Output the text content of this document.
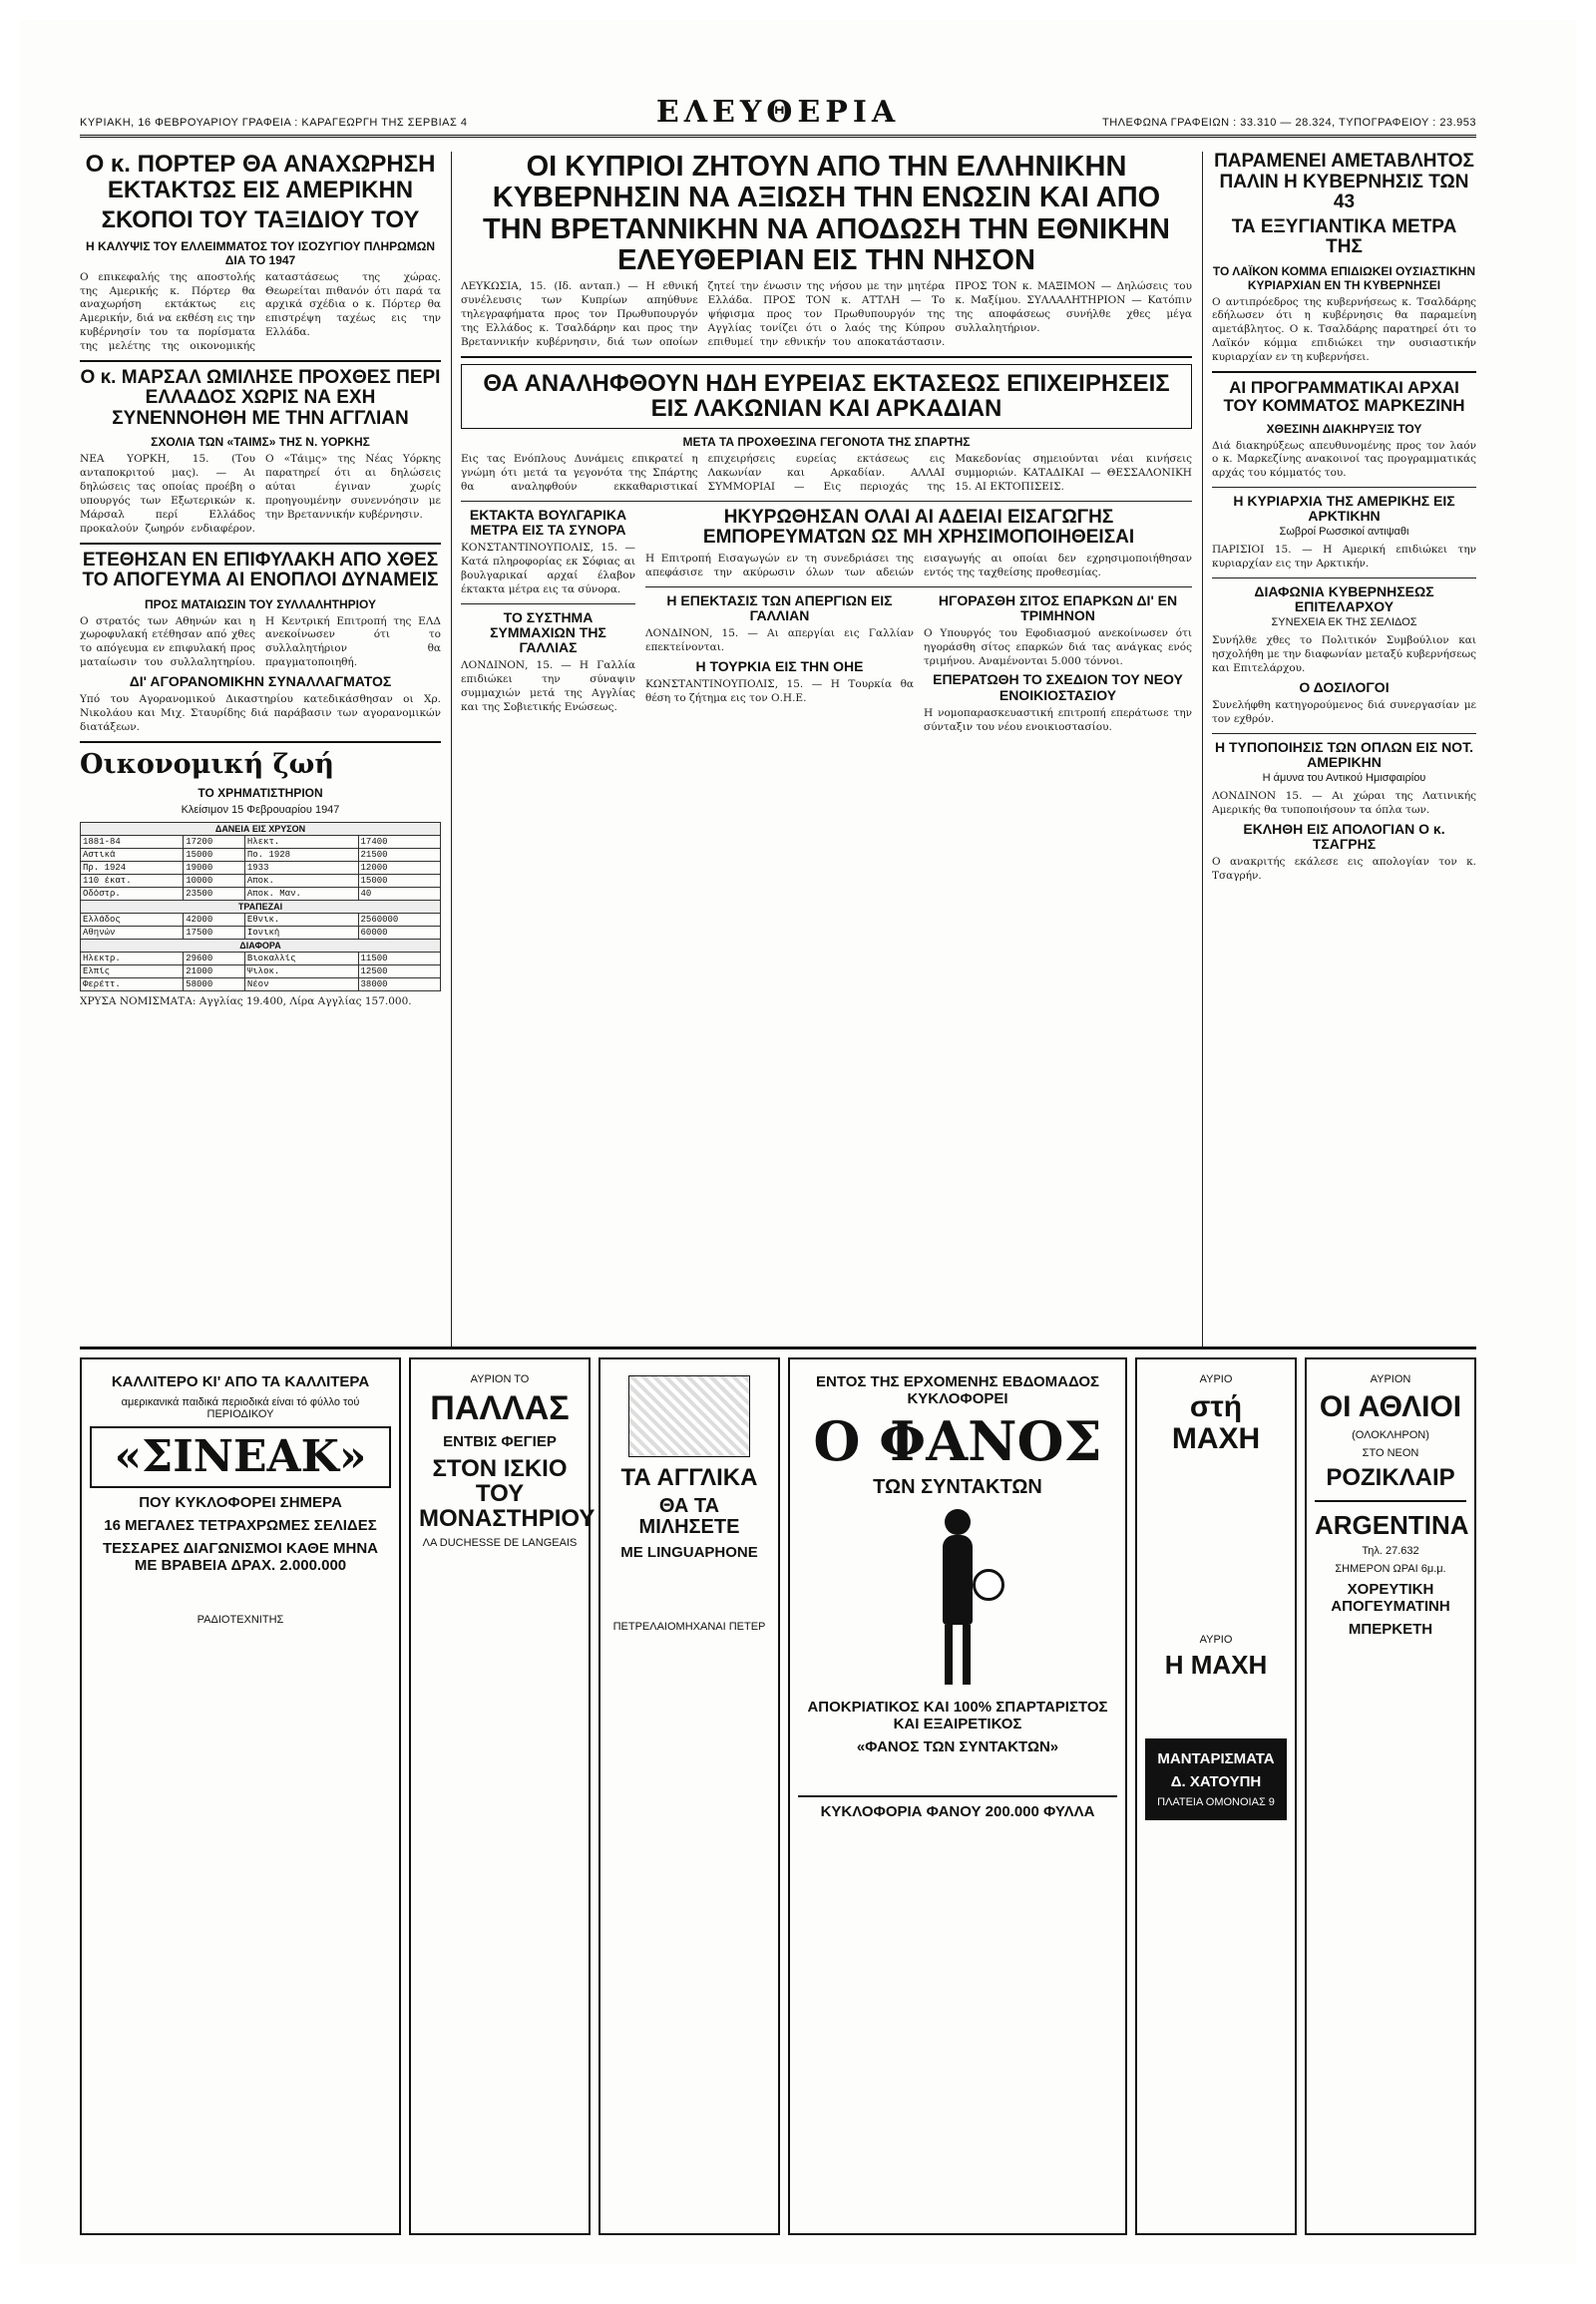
ΚΥΡΙΑΚΗ, 16 ΦΕΒΡΟΥΑΡΙΟΥ ΓΡΑΦΕΙΑ : ΚΑΡΑΓΕΩΡΓΗ ΤΗΣ ΣΕΡΒΙΑΣ 4	ΕΛΕΥΘΕΡΙΑ	ΤΗΛΕΦΩΝΑ ΓΡΑΦΕΙΩΝ : 33.310 — 28.324, ΤΥΠΟΓΡΑΦΕΙΟΥ : 23.953
Ο κ. ΠΟΡΤΕΡ ΘΑ ΑΝΑΧΩΡΗΣΗ ΕΚΤΑΚΤΩΣ ΕΙΣ ΑΜΕΡΙΚΗΝ
ΣΚΟΠΟΙ ΤΟΥ ΤΑΞΙΔΙΟΥ ΤΟΥ
Η ΚΑΛΥΨΙΣ ΤΟΥ ΕΛΛΕΙΜΜΑΤΟΣ ΤΟΥ ΙΣΟΖΥΓΙΟΥ ΠΛΗΡΩΜΩΝ ΔΙΑ ΤΟ 1947

Ο επικεφαλής της αποστολής της Αμερικής κ. Πόρτερ θα αναχωρήση εκτάκτως εις Αμερικήν, διά να εκθέση εις την κυβέρνησίν του τα πορίσματα της μελέτης της οικονομικής καταστάσεως της χώρας. Θεωρείται πιθανόν ότι παρά τα αρχικά σχέδια ο κ. Πόρτερ θα επιστρέψη ταχέως εις την Ελλάδα.

Ο κ. ΜΑΡΣΑΛ ΩΜΙΛΗΣΕ ΠΡΟΧΘΕΣ ΠΕΡΙ ΕΛΛΑΔΟΣ ΧΩΡΙΣ ΝΑ ΕΧΗ ΣΥΝΕΝΝΟΗΘΗ ΜΕ ΤΗΝ ΑΓΓΛΙΑΝ
ΣΧΟΛΙΑ ΤΩΝ «ΤΑΙΜΣ» ΤΗΣ Ν. ΥΟΡΚΗΣ

ΝΕΑ ΥΟΡΚΗ, 15. (Του ανταποκριτού μας). — Αι δηλώσεις τας οποίας προέβη ο υπουργός των Εξωτερικών κ. Μάρσαλ περί Ελλάδος προκαλούν ζωηρόν ενδιαφέρον. Ο «Τάιμς» της Νέας Υόρκης παρατηρεί ότι αι δηλώσεις αύται έγιναν χωρίς προηγουμένην συνεννόησιν με την Βρεταννικήν κυβέρνησιν.

ΕΤΕΘΗΣΑΝ ΕΝ ΕΠΙΦΥΛΑΚΗ ΑΠΟ ΧΘΕΣ ΤΟ ΑΠΟΓΕΥΜΑ ΑΙ ΕΝΟΠΛΟΙ ΔΥΝΑΜΕΙΣ
ΠΡΟΣ ΜΑΤΑΙΩΣΙΝ ΤΟΥ ΣΥΛΛΑΛΗΤΗΡΙΟΥ

Ο στρατός των Αθηνών και η χωροφυλακή ετέθησαν από χθες το απόγευμα εν επιφυλακή προς ματαίωσιν του συλλαλητηρίου. Η Κεντρική Επιτροπή της ΕΛΔ ανεκοίνωσεν ότι το συλλαλητήριον θα πραγματοποιηθή.

ΔΙ' ΑΓΟΡΑΝΟΜΙΚΗΝ ΣΥΝΑΛΛΑΓΜΑΤΟΣ

Υπό του Αγορανομικού Δικαστηρίου κατεδικάσθησαν οι Χρ. Νικολάου και Μιχ. Σταυρίδης διά παράβασιν των αγορανομικών διατάξεων.

Οικονομική ζωή
ΤΟ ΧΡΗΜΑΤΙΣΤΗΡΙΟΝ
Κλείσιμον 15 Φεβρουαρίου 1947
ΔΑΝΕΙΑ ΕΙΣ ΧΡΥΣΟΝ			
1881-84	17200	Ηλεκτ.	17400
Αστικά	15000	Πο. 1928	21500
Πρ. 1924	19000	1933	12000
110 έκατ.	10000	Αποκ.	15000
Οδόστρ.	23500	Αποκ. Μαν.	40
ΤΡΑΠΕΖΑΙ			
Ελλάδος	42000	Εθνικ.	2560000
Αθηνών	17500	Ιονική	60000
ΔΙΑΦΟΡΑ			
Ηλεκτρ.	29600	Βιοκαλλίς	11500
Ελπίς	21000	Ψιλοκ.	12500
Φερέττ.	58000	Νέον	38000

ΧΡΥΣΑ ΝΟΜΙΣΜΑΤΑ: Αγγλίας 19.400, Λίρα Αγγλίας 157.000.

ΟΙ ΚΥΠΡΙΟΙ ΖΗΤΟΥΝ ΑΠΟ ΤΗΝ ΕΛΛΗΝΙΚΗΝ ΚΥΒΕΡΝΗΣΙΝ ΝΑ ΑΞΙΩΣΗ ΤΗΝ ΕΝΩΣΙΝ ΚΑΙ ΑΠΟ ΤΗΝ ΒΡΕΤΑΝΝΙΚΗΝ ΝΑ ΑΠΟΔΩΣΗ ΤΗΝ ΕΘΝΙΚΗΝ ΕΛΕΥΘΕΡΙΑΝ ΕΙΣ ΤΗΝ ΝΗΣΟΝ

ΛΕΥΚΩΣΙΑ, 15. (Ιδ. ανταπ.) — Η εθνική συνέλευσις των Κυπρίων απηύθυνε τηλεγραφήματα προς τον Πρωθυπουργόν της Ελλάδος κ. Τσαλδάρην και προς την Βρεταννικήν κυβέρνησιν, διά των οποίων ζητεί την ένωσιν της νήσου με την μητέρα Ελλάδα. ΠΡΟΣ ΤΟΝ κ. ΑΤΤΛΗ — Το ψήφισμα προς τον Πρωθυπουργόν της Αγγλίας τονίζει ότι ο λαός της Κύπρου επιθυμεί την εθνικήν του αποκατάστασιν. ΠΡΟΣ ΤΟΝ κ. ΜΑΞΙΜΟΝ — Δηλώσεις του κ. Μαξίμου. ΣΥΛΛΑΛΗΤΗΡΙΟΝ — Κατόπιν της αποφάσεως συνήλθε χθες μέγα συλλαλητήριον.

ΘΑ ΑΝΑΛΗΦΘΟΥΝ ΗΔΗ ΕΥΡΕΙΑΣ ΕΚΤΑΣΕΩΣ ΕΠΙΧΕΙΡΗΣΕΙΣ ΕΙΣ ΛΑΚΩΝΙΑΝ ΚΑΙ ΑΡΚΑΔΙΑΝ
ΜΕΤΑ ΤΑ ΠΡΟΧΘΕΣΙΝΑ ΓΕΓΟΝΟΤΑ ΤΗΣ ΣΠΑΡΤΗΣ

Εις τας Ενόπλους Δυνάμεις επικρατεί η γνώμη ότι μετά τα γεγονότα της Σπάρτης θα αναληφθούν εκκαθαριστικαί επιχειρήσεις ευρείας εκτάσεως εις Λακωνίαν και Αρκαδίαν. ΑΛΛΑΙ ΣΥΜΜΟΡΙΑΙ — Εις περιοχάς της Μακεδονίας σημειούνται νέαι κινήσεις συμμοριών. ΚΑΤΑΔΙΚΑΙ — ΘΕΣΣΑΛΟΝΙΚΗ 15. ΑΙ ΕΚΤΟΠΙΣΕΙΣ.

ΕΚΤΑΚΤΑ ΒΟΥΛΓΑΡΙΚΑ ΜΕΤΡΑ ΕΙΣ ΤΑ ΣΥΝΟΡΑ

ΚΟΝΣΤΑΝΤΙΝΟΥΠΟΛΙΣ, 15. — Κατά πληροφορίας εκ Σόφιας αι βουλγαρικαί αρχαί έλαβον έκτακτα μέτρα εις τα σύνορα.

ΤΟ ΣΥΣΤΗΜΑ ΣΥΜΜΑΧΙΩΝ ΤΗΣ ΓΑΛΛΙΑΣ

ΛΟΝΔΙΝΟΝ, 15. — Η Γαλλία επιδιώκει την σύναψιν συμμαχιών μετά της Αγγλίας και της Σοβιετικής Ενώσεως.

ΗΚΥΡΩΘΗΣΑΝ ΟΛΑΙ ΑΙ ΑΔΕΙΑΙ ΕΙΣΑΓΩΓΗΣ ΕΜΠΟΡΕΥΜΑΤΩΝ ΩΣ ΜΗ ΧΡΗΣΙΜΟΠΟΙΗΘΕΙΣΑΙ

Η Επιτροπή Εισαγωγών εν τη συνεδριάσει της απεφάσισε την ακύρωσιν όλων των αδειών εισαγωγής αι οποίαι δεν εχρησιμοποιήθησαν εντός της ταχθείσης προθεσμίας.

Η ΕΠΕΚΤΑΣΙΣ ΤΩΝ ΑΠΕΡΓΙΩΝ ΕΙΣ ΓΑΛΛΙΑΝ

ΛΟΝΔΙΝΟΝ, 15. — Αι απεργίαι εις Γαλλίαν επεκτείνονται.

Η ΤΟΥΡΚΙΑ ΕΙΣ ΤΗΝ ΟΗΕ

ΚΩΝΣΤΑΝΤΙΝΟΥΠΟΛΙΣ, 15. — Η Τουρκία θα θέση το ζήτημα εις τον Ο.Η.Ε.

ΗΓΟΡΑΣΘΗ ΣΙΤΟΣ ΕΠΑΡΚΩΝ ΔΙ' ΕΝ ΤΡΙΜΗΝΟΝ

Ο Υπουργός του Εφοδιασμού ανεκοίνωσεν ότι ηγοράσθη σίτος επαρκών διά τας ανάγκας ενός τριμήνου. Αναμένονται 5.000 τόννοι.

ΕΠΕΡΑΤΩΘΗ ΤΟ ΣΧΕΔΙΟΝ ΤΟΥ ΝΕΟΥ ΕΝΟΙΚΙΟΣΤΑΣΙΟΥ

Η νομοπαρασκευαστική επιτροπή επεράτωσε την σύνταξιν του νέου ενοικιοστασίου.

ΠΑΡΑΜΕΝΕΙ ΑΜΕΤΑΒΛΗΤΟΣ ΠΑΛΙΝ Η ΚΥΒΕΡΝΗΣΙΣ ΤΩΝ 43
ΤΑ ΕΞΥΓΙΑΝΤΙΚΑ ΜΕΤΡΑ ΤΗΣ
ΤΟ ΛΑΪΚΟΝ ΚΟΜΜΑ ΕΠΙΔΙΩΚΕΙ ΟΥΣΙΑΣΤΙΚΗΝ ΚΥΡΙΑΡΧΙΑΝ ΕΝ ΤΗ ΚΥΒΕΡΝΗΣΕΙ

Ο αντιπρόεδρος της κυβερνήσεως κ. Τσαλδάρης εδήλωσεν ότι η κυβέρνησις θα παραμείνη αμετάβλητος. Ο κ. Τσαλδάρης παρατηρεί ότι το Λαϊκόν κόμμα επιδιώκει την ουσιαστικήν κυριαρχίαν εν τη κυβερνήσει.

ΑΙ ΠΡΟΓΡΑΜΜΑΤΙΚΑΙ ΑΡΧΑΙ ΤΟΥ ΚΟΜΜΑΤΟΣ ΜΑΡΚΕΖΙΝΗ
ΧΘΕΣΙΝΗ ΔΙΑΚΗΡΥΞΙΣ ΤΟΥ

Διά διακηρύξεως απευθυνομένης προς τον λαόν ο κ. Μαρκεζίνης ανακοινοί τας προγραμματικάς αρχάς του κόμματός του.

Η ΚΥΡΙΑΡΧΙΑ ΤΗΣ ΑΜΕΡΙΚΗΣ ΕΙΣ ΑΡΚΤΙΚΗΝ
Σωβροί Ρωσσικοί αντιψαθι

ΠΑΡΙΣΙΟΙ 15. — Η Αμερική επιδιώκει την κυριαρχίαν εις την Αρκτικήν.

ΔΙΑΦΩΝΙΑ ΚΥΒΕΡΝΗΣΕΩΣ ΕΠΙΤΕΛΑΡΧΟΥ
ΣΥΝΕΧΕΙΑ ΕΚ ΤΗΣ ΣΕΛΙΔΟΣ

Συνήλθε χθες το Πολιτικόν Συμβούλιον και ησχολήθη με την διαφωνίαν μεταξύ κυβερνήσεως και Επιτελάρχου.

Ο ΔΟΣΙΛΟΓΟΙ

Συνελήφθη κατηγορούμενος διά συνεργασίαν με τον εχθρόν.

Η ΤΥΠΟΠΟΙΗΣΙΣ ΤΩΝ ΟΠΛΩΝ ΕΙΣ ΝΟΤ. ΑΜΕΡΙΚΗΝ
Η άμυνα του Αντικού Ημισφαιρίου

ΛΟΝΔΙΝΟΝ 15. — Αι χώραι της Λατινικής Αμερικής θα τυποποιήσουν τα όπλα των.

ΕΚΛΗΘΗ ΕΙΣ ΑΠΟΛΟΓΙΑΝ Ο κ. ΤΣΑΓΡΗΣ

Ο ανακριτής εκάλεσε εις απολογίαν τον κ. Τσαγρήν.

ΚΑΛΛΙΤΕΡΟ ΚΙ' ΑΠΟ ΤΑ ΚΑΛΛΙΤΕΡΑ

αμερικανικά παιδικά περιοδικά είναι τό φύλλο τού ΠΕΡΙΟΔΙΚΟΥ

«ΣΙΝΕΑΚ»

ΠΟΥ ΚΥΚΛΟΦΟΡΕΙ ΣΗΜΕΡΑ

16 ΜΕΓΑΛΕΣ ΤΕΤΡΑΧΡΩΜΕΣ ΣΕΛΙΔΕΣ

ΤΕΣΣΑΡΕΣ ΔΙΑΓΩΝΙΣΜΟΙ ΚΑΘΕ ΜΗΝΑ ΜΕ ΒΡΑΒΕΙΑ ΔΡΑΧ. 2.000.000

ΡΑΔΙΟΤΕΧΝΙΤΗΣ

ΑΥΡΙΟΝ ΤΟ

ΠΑΛΛΑΣ

ΕΝΤΒΙΣ ΦΕΓΙΕΡ

ΣΤΟΝ ΙΣΚΙΟ ΤΟΥ ΜΟΝΑΣΤΗΡΙΟΥ

ΛΑ DUCHESSE DE LANGEAIS

ΤΑ ΑΓΓΛΙΚΑ

ΘΑ ΤΑ ΜΙΛΗΣΕΤΕ

ΜΕ LINGUAPHONE

ΠΕΤΡΕΛΑΙΟΜΗΧΑΝΑΙ ΠΕΤΕΡ

ΕΝΤΟΣ ΤΗΣ ΕΡΧΟΜΕΝΗΣ ΕΒΔΟΜΑΔΟΣ ΚΥΚΛΟΦΟΡΕΙ

Ο ΦΑΝΟΣ

ΤΩΝ ΣΥΝΤΑΚΤΩΝ

ΑΠΟΚΡΙΑΤΙΚΟΣ ΚΑΙ 100% ΣΠΑΡΤΑΡΙΣΤΟΣ ΚΑΙ ΕΞΑΙΡΕΤΙΚΟΣ

«ΦΑΝΟΣ ΤΩΝ ΣΥΝΤΑΚΤΩΝ»

ΚΥΚΛΟΦΟΡΙΑ ΦΑΝΟΥ 200.000 ΦΥΛΛΑ

ΑΥΡΙΟ

στή ΜΑΧΗ

ΑΥΡΙΟ

Η ΜΑΧΗ

ΜΑΝΤΑΡΙΣΜΑΤΑ

Δ. ΧΑΤΟΥΠΗ

ΠΛΑΤΕΙΑ ΟΜΟΝΟΙΑΣ 9

ΑΥΡΙΟΝ

ΟΙ ΑΘΛΙΟΙ

(ΟΛΟΚΛΗΡΟΝ)

ΣΤΟ ΝΕΟΝ

ΡΟΖΙΚΛΑΙΡ

ARGENTINA

Τηλ. 27.632

ΣΗΜΕΡΟΝ ΩΡΑΙ 6μ.μ.

ΧΟΡΕΥΤΙΚΗ ΑΠΟΓΕΥΜΑΤΙΝΗ

ΜΠΕΡΚΕΤΗ
